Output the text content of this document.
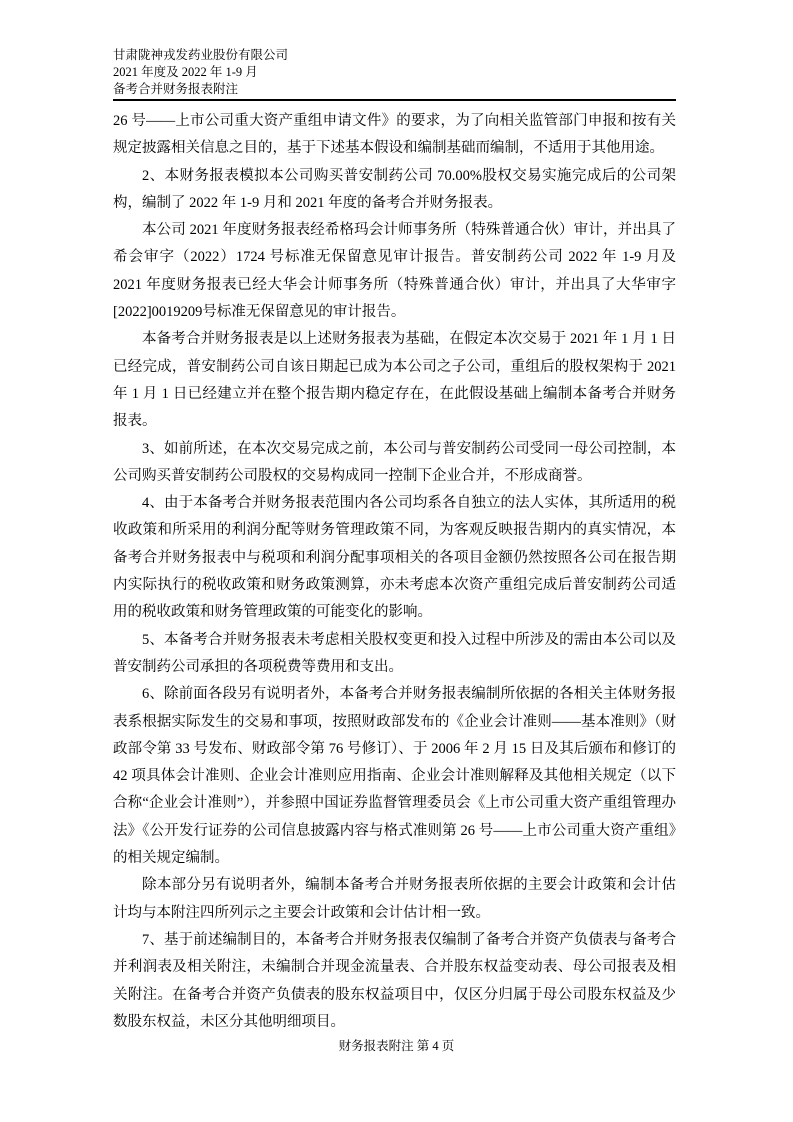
甘肃陇神戎发药业股份有限公司
2021 年度及 2022 年 1-9 月
备考合并财务报表附注

26 号——上市公司重大资产重组申请文件》的要求，为了向相关监管部门申报和按有关规定披露相关信息之目的，基于下述基本假设和编制基础而编制，不适用于其他用途。

2、本财务报表模拟本公司购买普安制药公司 70.00%股权交易实施完成后的公司架构，编制了 2022 年 1-9 月和 2021 年度的备考合并财务报表。

本公司 2021 年度财务报表经希格玛会计师事务所（特殊普通合伙）审计，并出具了希会审字（2022）1724 号标准无保留意见审计报告。普安制药公司 2022 年 1-9 月及 2021 年度财务报表已经大华会计师事务所（特殊普通合伙）审计，并出具了大华审字[2022]0019209号标准无保留意见的审计报告。

本备考合并财务报表是以上述财务报表为基础，在假定本次交易于 2021 年 1 月 1 日已经完成，普安制药公司自该日期起已成为本公司之子公司，重组后的股权架构于 2021 年 1 月 1 日已经建立并在整个报告期内稳定存在，在此假设基础上编制本备考合并财务报表。

3、如前所述，在本次交易完成之前，本公司与普安制药公司受同一母公司控制，本公司购买普安制药公司股权的交易构成同一控制下企业合并，不形成商誉。

4、由于本备考合并财务报表范围内各公司均系各自独立的法人实体，其所适用的税收政策和所采用的利润分配等财务管理政策不同，为客观反映报告期内的真实情况，本备考合并财务报表中与税项和利润分配事项相关的各项目金额仍然按照各公司在报告期内实际执行的税收政策和财务政策测算，亦未考虑本次资产重组完成后普安制药公司适用的税收政策和财务管理政策的可能变化的影响。

5、本备考合并财务报表未考虑相关股权变更和投入过程中所涉及的需由本公司以及普安制药公司承担的各项税费等费用和支出。

6、除前面各段另有说明者外，本备考合并财务报表编制所依据的各相关主体财务报表系根据实际发生的交易和事项，按照财政部发布的《企业会计准则——基本准则》（财政部令第 33 号发布、财政部令第 76 号修订）、于 2006 年 2 月 15 日及其后颁布和修订的 42 项具体会计准则、企业会计准则应用指南、企业会计准则解释及其他相关规定（以下合称“企业会计准则”），并参照中国证券监督管理委员会《上市公司重大资产重组管理办法》《公开发行证券的公司信息披露内容与格式准则第 26 号——上市公司重大资产重组》的相关规定编制。

除本部分另有说明者外，编制本备考合并财务报表所依据的主要会计政策和会计估计均与本附注四所列示之主要会计政策和会计估计相一致。

7、基于前述编制目的，本备考合并财务报表仅编制了备考合并资产负债表与备考合并利润表及相关附注，未编制合并现金流量表、合并股东权益变动表、母公司报表及相关附注。在备考合并资产负债表的股东权益项目中，仅区分归属于母公司股东权益及少数股东权益，未区分其他明细项目。

财务报表附注 第 4 页
